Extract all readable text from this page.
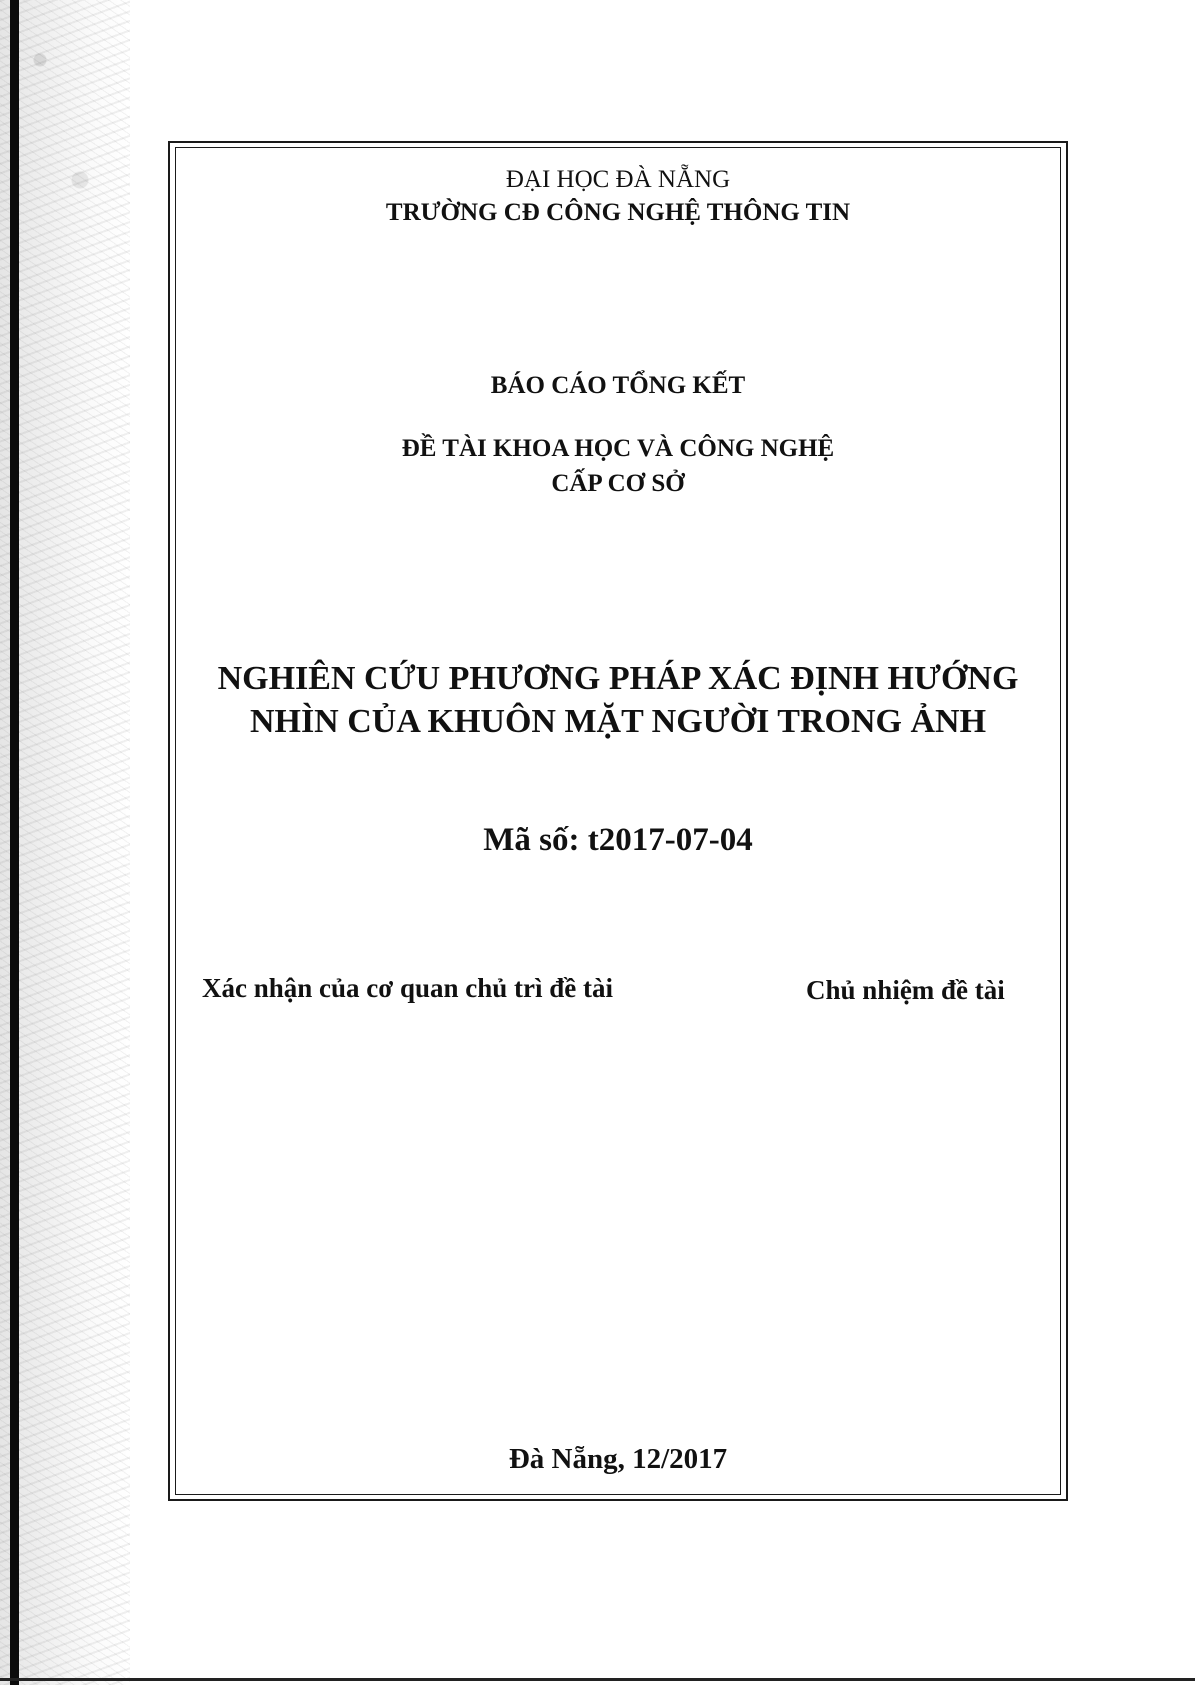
ĐẠI HỌC ĐÀ NẴNG
TRƯỜNG CĐ CÔNG NGHỆ THÔNG TIN
BÁO CÁO TỔNG KẾT
ĐỀ TÀI KHOA HỌC VÀ CÔNG NGHỆ
CẤP CƠ SỞ
NGHIÊN CỨU PHƯƠNG PHÁP XÁC ĐỊNH HƯỚNG
NHÌN CỦA KHUÔN MẶT NGƯỜI TRONG ẢNH
Mã số: t2017-07-04
Xác nhận của cơ quan chủ trì đề tài	Chủ nhiệm đề tài
Đà Nẵng, 12/2017
